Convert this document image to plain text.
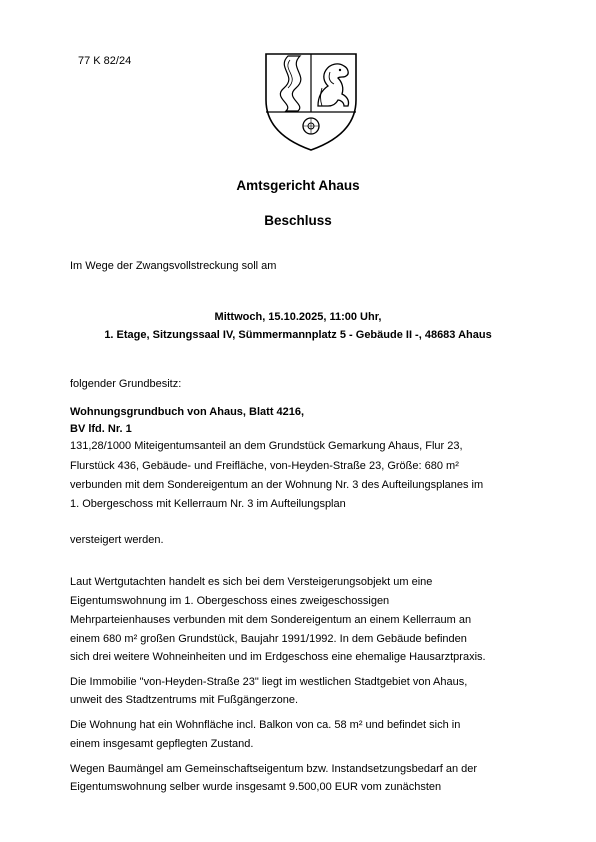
77 K 82/24
Amtsgericht Ahaus
Beschluss
Im Wege der Zwangsvollstreckung soll am
Mittwoch, 15.10.2025, 11:00 Uhr,
1. Etage, Sitzungssaal IV, Sümmermannplatz 5 - Gebäude II -, 48683 Ahaus
folgender Grundbesitz:
Wohnungsgrundbuch von Ahaus, Blatt 4216,
BV lfd. Nr. 1
131,28/1000 Miteigentumsanteil an dem Grundstück Gemarkung Ahaus, Flur 23,
Flurstück 436, Gebäude- und Freifläche, von-Heyden-Straße 23, Größe: 680 m²
verbunden mit dem Sondereigentum an der Wohnung Nr. 3 des Aufteilungsplanes im
1. Obergeschoss mit Kellerraum Nr. 3 im Aufteilungsplan
versteigert werden.
Laut Wertgutachten handelt es sich bei dem Versteigerungsobjekt um eine
Eigentumswohnung im 1. Obergeschoss eines zweigeschossigen
Mehrparteienhauses verbunden mit dem Sondereigentum an einem Kellerraum an
einem 680 m² großen Grundstück, Baujahr 1991/1992. In dem Gebäude befinden
sich drei weitere Wohneinheiten und im Erdgeschoss eine ehemalige Hausarztpraxis.
Die Immobilie "von-Heyden-Straße 23" liegt im westlichen Stadtgebiet von Ahaus,
unweit des Stadtzentrums mit Fußgängerzone.
Die Wohnung hat ein Wohnfläche incl. Balkon von ca. 58 m² und befindet sich in
einem insgesamt gepflegten Zustand.
Wegen Baumängel am Gemeinschaftseigentum bzw. Instandsetzungsbedarf an der
Eigentumswohnung selber wurde insgesamt 9.500,00 EUR vom zunächsten
